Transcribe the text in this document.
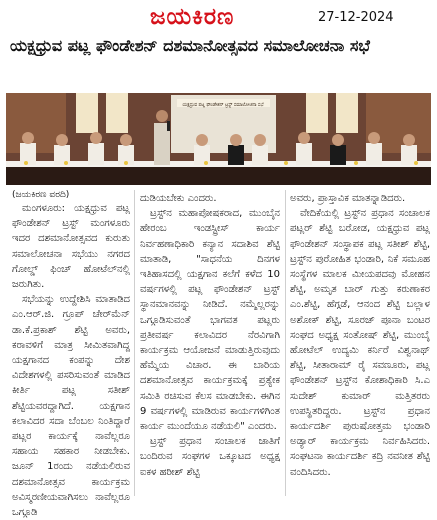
ಜಯಕಿರಣ	27-12-2024
ಯಕ್ಷಧ್ರುವ ಪಟ್ಲ ಫೌಂಡೇಶನ್ ದಶಮಾನೋತ್ಸವದ ಸಮಾಲೋಚನಾ ಸಭೆ
ಯಕ್ಷಧ್ರುವ ಪಟ್ಲ ಫೌಂಡೇಶನ್ ಟ್ರಸ್ಟ್ ಸಮಾಲೋಚನಾ ಸಭೆ
(ಜಯಕಿರಣ ವರದಿ)

ಮಂಗಳೂರು: ಯಕ್ಷಧ್ರುವ ಪಟ್ಲ ಫೌಂಡೇಶನ್ ಟ್ರಸ್ಟ್ ಮಂಗಳೂರು ಇದರ ದಶಮಾನೋತ್ಸವದ ಕುರುತು ಸಮಾಲೋಚನಾ ಸಭೆಯು ನಗರದ ಗೋಲ್ಡ್ ಫಿಂಚ್ ಹೋಟೆಲ್‌ನಲ್ಲಿ ಜರುಗಿತು.

ಸಭೆಯನ್ನು ಉದ್ದೇಶಿಸಿ ಮಾತಾಡಿದ ಎಂ.ಆರ್.ಜಿ. ಗ್ರೂಪ್ ಚೇರ್‌ಮೆನ್ ಡಾ.ಕೆ.ಪ್ರಕಾಶ್ ಶೆಟ್ಟಿ ಅವರು, ಕರಾವಳಿಗೆ ಮಾತ್ರ ಸೀಮಿತವಾಗಿದ್ದ ಯಕ್ಷಗಾನದ ಕಂಪನ್ನು ದೇಶ ವಿದೇಶಗಳಲ್ಲಿ ಪಸರಿಸುವಂತೆ ಮಾಡಿದ ಕೀರ್ತಿ ಪಟ್ಲ ಸತೀಶ್ ಶೆಟ್ಟಿಯವರದ್ದಾಗಿದೆ. ಯಕ್ಷಗಾನ ಕಲಾವಿದರ ಸದಾ ಬೆಂಬಲ ನಿಂತಿದ್ದಾರೆ ಪಟ್ಲರ ಕಾರ್ಯಕ್ಕೆ ನಾವೆಲ್ಲರೂ ಸಹಾಯ ಸಹಕಾರ ನೀಡಬೇಕು. ಜೂನ್ 1ರಂದು ನಡೆಯಲಿರುವ ದಶಮಾನೋತ್ಸವ ಕಾರ್ಯಕ್ರಮ ಅವಿಸ್ಮರಣೀಯವಾಗಿಸಲು ನಾವೆಲ್ಲರೂ ಒಗ್ಗೂಡಿ

ದುಡಿಯಬೇಕು ಎಂದರು.

ಟ್ರಸ್ಟ್‌ನ ಮಹಾಪೋಷಕರಾದ, ಮುಂಬೈನ ಹೇರಂಬ ಇಂಡಸ್ಟ್ರೀಸ್ ಕಾರ್ಯ ನಿರ್ವಹಣಾಧಿಕಾರಿ ಕನ್ಯಾನ ಸದಾಶಿವ ಶೆಟ್ಟಿ ಮಾತಾಡಿ, "ಸಾಧನೆಯ ದಿನಗಳ ಇತಿಹಾಸದಲ್ಲಿ ಯಕ್ಷಗಾನ ಕಲೆಗೆ ಕಳೆದ 10 ವರ್ಷಗಳಲ್ಲಿ ಪಟ್ಲ ಫೌಂಡೇಶನ್ ಟ್ರಸ್ಟ್ ಸ್ಥಾನಮಾನವನ್ನು ನೀಡಿದೆ. ನಮ್ಮೆಲ್ಲರನ್ನು ಒಗ್ಗೂಡಿಸುವಂತೆ ಭಾಗವತ ಪಟ್ಲರು ಪ್ರತೀವರ್ಷ ಕಲಾವಿದರ ನೆರವಿಗಾಗಿ ಕಾರ್ಯಕ್ರಮ ಆಯೋಜನೆ ಮಾಡುತ್ತಿರುವುದು ಹೆಮ್ಮೆಯ ವಿಚಾರ. ಈ ಬಾರಿಯ ದಶಮಾನೋತ್ಸವ ಕಾರ್ಯಕ್ರಮಕ್ಕೆ ಪ್ರತ್ಯೇಕ ಸಮಿತಿ ರಚಿಸುವ ಕೆಲಸ ಮಾಡಬೇಕು. ಈಗಿನ 9 ವರ್ಷಗಳಲ್ಲಿ ಮಾಡಿರುವ ಕಾರ್ಯಗಳಿಗಿಂತ ಕಾರ್ಯ ಮುಂದೆಯೂ ನಡೆಯಲಿ" ಎಂದರು.

ಟ್ರಸ್ಟ್ ಪ್ರಧಾನ ಸಂಚಾಲಕ ಜಾತಿಗೆ ಬಂದಿರುವ ಸಂಘಗಳ ಒಕ್ಕೂಟದ ಅಧ್ಯಕ್ಷ ಐಕಳ ಹರೀಶ್ ಶೆಟ್ಟಿ

ಅವರು, ಪ್ರಾಸ್ತಾವಿಕ ಮಾತನ್ನಾಡಿದರು.

ವೇದಿಕೆಯಲ್ಲಿ ಟ್ರಸ್ಟ್‌ನ ಪ್ರಧಾನ ಸಂಚಾಲಕ ಪಟ್ಲರ್ ಶೆಟ್ಟಿ ಬರೋಡ, ಯಕ್ಷಧ್ರುವ ಪಟ್ಲ ಫೌಂಡೇಶನ್ ಸಂಸ್ಥಾಪಕ ಪಟ್ಲ ಸತೀಶ್ ಶೆಟ್ಟಿ, ಟ್ರಸ್ಟ್‌ನ ಪುರೋಹಿತ ಭಂಡಾರಿ, ನಿಕೆ ಸಮೂಹ ಸಂಸ್ಥೆಗಳ ಮಾಲಕ ಮೀಯಪದವು ಮೋಹನ ಶೆಟ್ಟಿ, ಅಮೃತ ಬಾರ್ ಗುತ್ತು ಕರುಣಾಕರ ಎಂ.ಶೆಟ್ಟಿ, ಹೆಗ್ಗಡೆ, ಆನಂದ ಶೆಟ್ಟಿ ಬಲ್ಲಾಳ ಅಶೋಕ್ ಶೆಟ್ಟಿ, ಸೂರಜ್ ಪೂನಾ ಬಂಟರ ಸಂಘದ ಅಧ್ಯಕ್ಷ ಸಂತೋಷ್ ಶೆಟ್ಟಿ, ಮುಂಬೈ ಹೋಟೆಲ್ ಉದ್ಯಮಿ ಕರ್ನಿರೆ ವಿಶ್ವನಾಥ್ ಶೆಟ್ಟಿ, ಸೀತಾರಾಮ್ ರೈ ಸವಣೂರು, ಪಟ್ಲ ಫೌಂಡೇಶನ್ ಟ್ರಸ್ಟ್‌ನ ಕೋಶಾಧಿಕಾರಿ ಸಿ.ಎ ಸುದೇಶ್ ಕುಮಾರ್ ಮತ್ತಿತರರು ಉಪಸ್ಥಿತರಿದ್ದರು. ಟ್ರಸ್ಟ್‌ನ ಪ್ರಧಾನ ಕಾರ್ಯದರ್ಶಿ ಪುರುಷೋತ್ತಮ ಭಂಡಾರಿ ಅಡ್ಯಾರ್ ಕಾರ್ಯಕ್ರಮ ನಿರ್ವಹಿಸಿದರು. ಸಂಘಟನಾ ಕಾರ್ಯದರ್ಶಿ ಕದ್ರಿ ನವನೀತ ಶೆಟ್ಟಿ ವಂದಿಸಿದರು.
